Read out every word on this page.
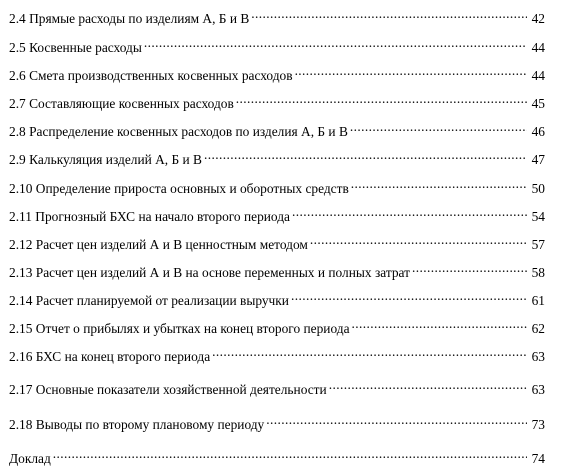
2.4 Прямые расходы по изделиям А, Б и В .....	42
2.5 Косвенные расходы .....	44
2.6 Смета производственных косвенных расходов .....	44
2.7 Составляющие косвенных расходов .....	45
2.8 Распределение косвенных расходов по изделия А, Б и В .....	46
2.9 Калькуляция изделий А, Б и В .....	47
2.10 Определение прироста основных и оборотных средств .....	50
2.11 Прогнозный БХС на начало второго периода .....	54
2.12 Расчет цен изделий А и В ценностным методом .....	57
2.13 Расчет цен изделий А и В на основе переменных и полных затрат .....	58
2.14 Расчет планируемой от реализации выручки .....	61
2.15 Отчет о прибылях и убытках на конец второго периода .....	62
2.16 БХС на конец второго периода .....	63
2.17 Основные показатели хозяйственной деятельности .....	63
2.18 Выводы по второму плановому периоду .....	73
Доклад .....	74
